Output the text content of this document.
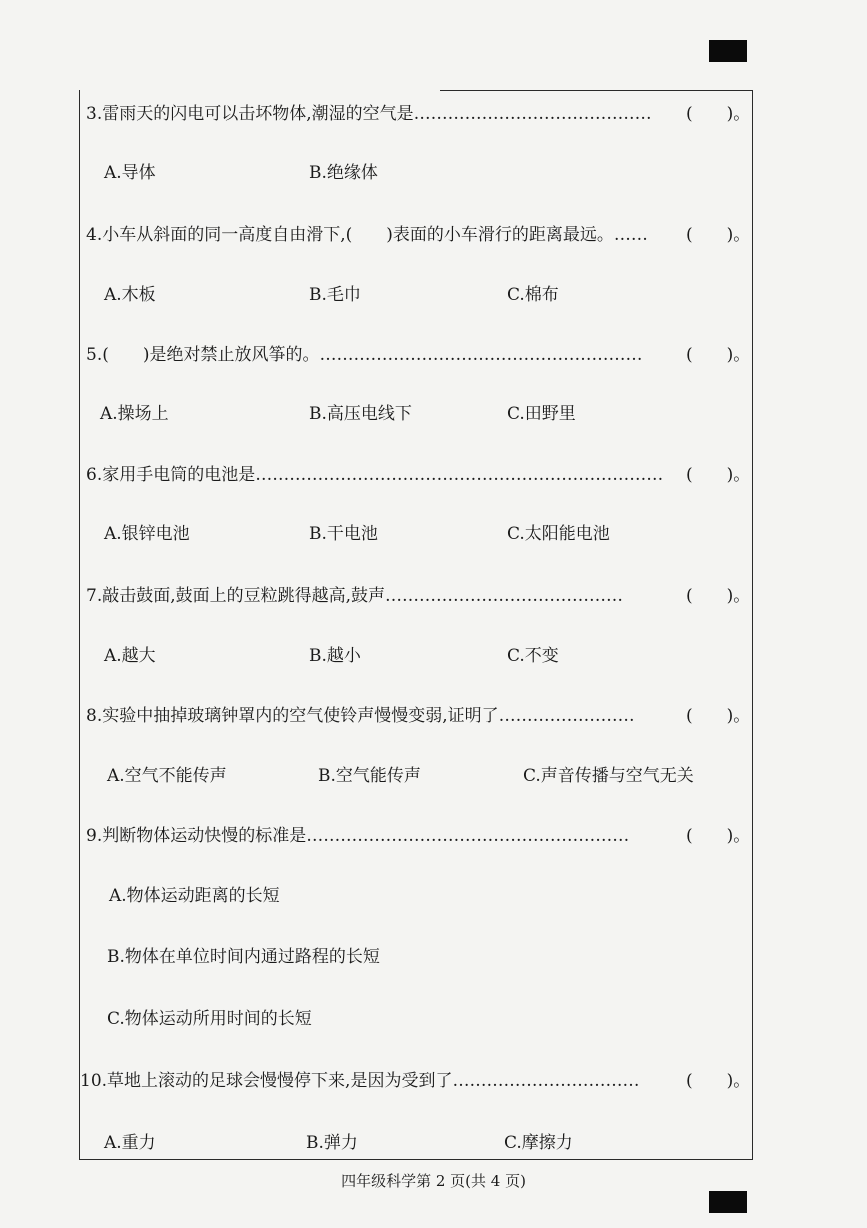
3.雷雨天的闪电可以击坏物体,潮湿的空气是…………………………………… (　　)。
A.导体	B.绝缘体
4.小车从斜面的同一高度自由滑下,(　　)表面的小车滑行的距离最远。…… (　　)。
A.木板	B.毛巾	C.棉布
5.(　　)是绝对禁止放风筝的。…………………………………………………	(　　)。
A.操场上	B.高压电线下	C.田野里
6.家用手电筒的电池是……………………………………………………………… (　　)。
A.银锌电池	B.干电池	C.太阳能电池
7.敲击鼓面,鼓面上的豆粒跳得越高,鼓声……………………………………	(　　)。
A.越大	B.越小	C.不变
8.实验中抽掉玻璃钟罩内的空气使铃声慢慢变弱,证明了……………………	(　　)。
A.空气不能传声	B.空气能传声	C.声音传播与空气无关
9.判断物体运动快慢的标准是…………………………………………………	(　　)。
A.物体运动距离的长短
B.物体在单位时间内通过路程的长短
C.物体运动所用时间的长短
10.草地上滚动的足球会慢慢停下来,是因为受到了……………………………	(　　)。
A.重力	B.弹力	C.摩擦力
四年级科学第 2 页(共 4 页)
